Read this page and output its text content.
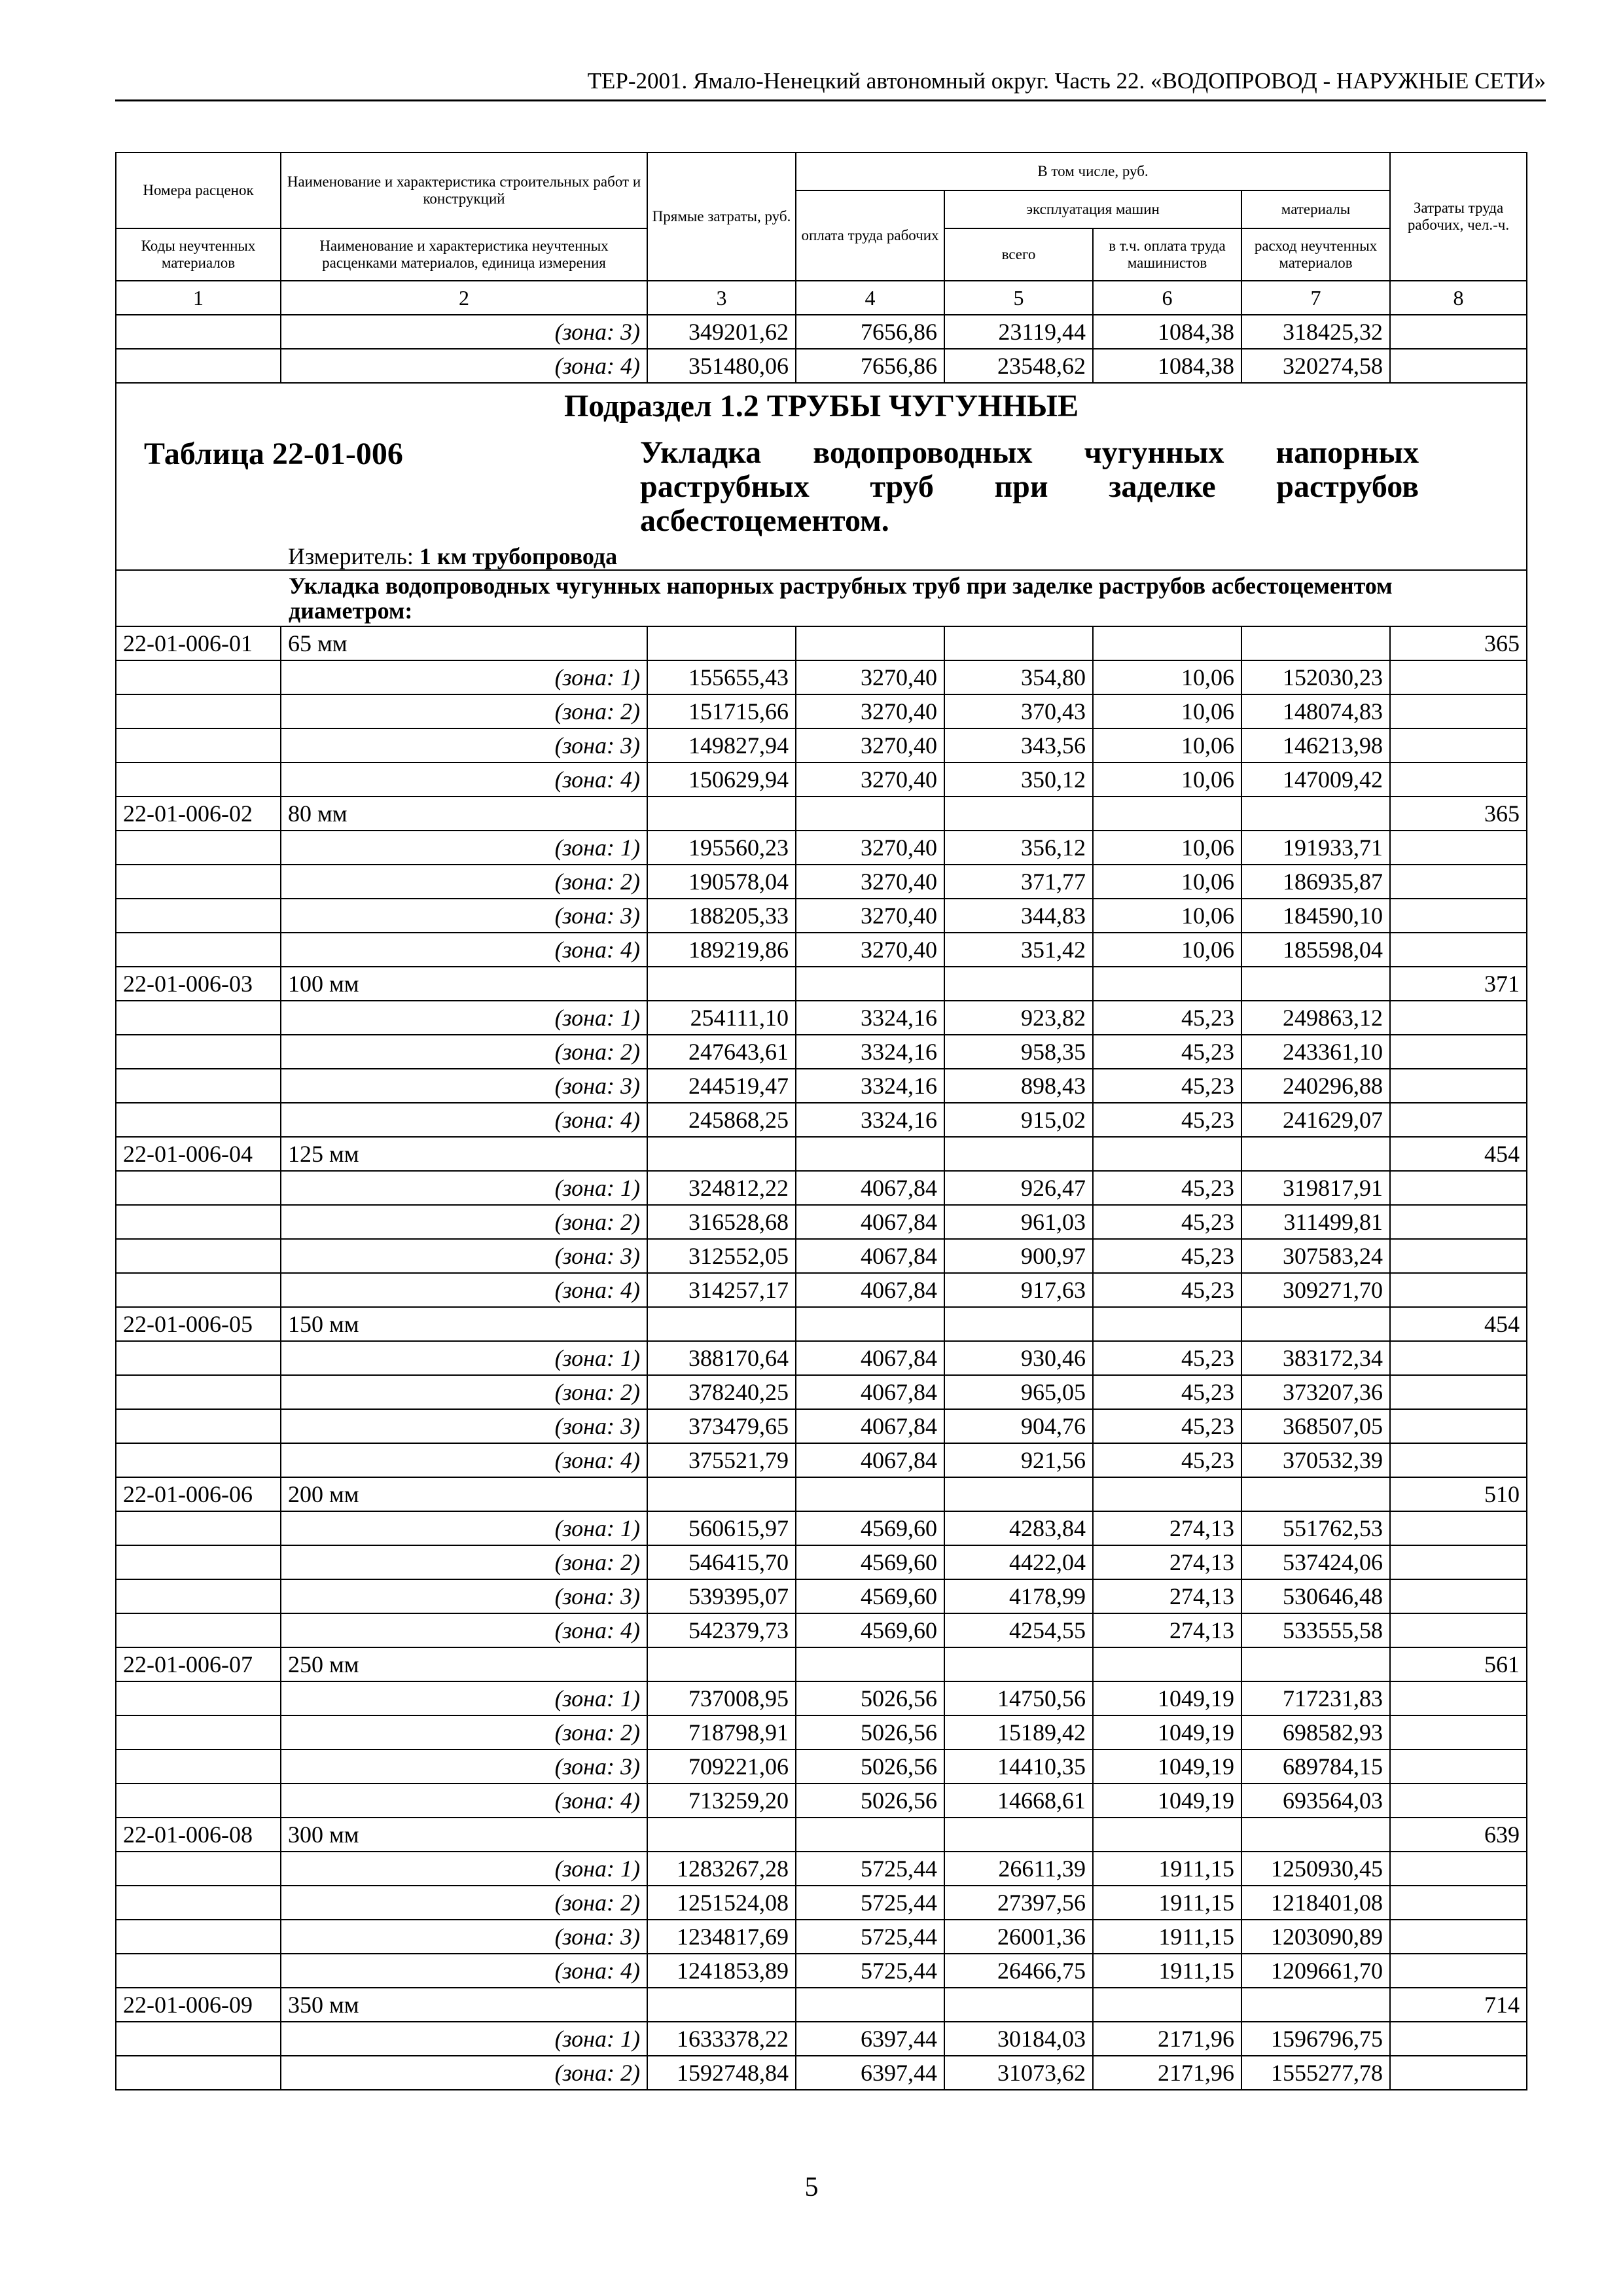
ТЕР-2001. Ямало-Ненецкий автономный округ. Часть 22. «ВОДОПРОВОД - НАРУЖНЫЕ СЕТИ»
Номера расценок	Наименование и характеристика строительных работ и конструкций	Прямые затраты, руб.	В том числе, руб.				Затраты труда рабочих, чел.-ч.
			оплата труда рабочих	эксплуатация машин		материалы	
Коды неучтенных материалов	Наименование и характеристика неучтенных расценками материалов, единица измерения			всего	в т.ч. оплата труда машинистов	расход неучтенных материалов	
1	2	3	4	5	6	7	8
	(зона: 3)	349201,62	7656,86	23119,44	1084,38	318425,32	
	(зона: 4)	351480,06	7656,86	23548,62	1084,38	320274,58	
Подраздел 1.2 ТРУБЫ ЧУГУННЫЕ							

Таблица 22-01-006 Укладка водопроводных чугунных напорных раструбных труб при заделке раструбов асбестоцементом.							

Измеритель: 1 км трубопровода							
	Укладка водопроводных чугунных напорных раструбных труб при заделке раструбов асбестоцементом диаметром:						
22-01-006-01	65 мм						365
	(зона: 1)	155655,43	3270,40	354,80	10,06	152030,23	
	(зона: 2)	151715,66	3270,40	370,43	10,06	148074,83	
	(зона: 3)	149827,94	3270,40	343,56	10,06	146213,98	
	(зона: 4)	150629,94	3270,40	350,12	10,06	147009,42	
22-01-006-02	80 мм						365
	(зона: 1)	195560,23	3270,40	356,12	10,06	191933,71	
	(зона: 2)	190578,04	3270,40	371,77	10,06	186935,87	
	(зона: 3)	188205,33	3270,40	344,83	10,06	184590,10	
	(зона: 4)	189219,86	3270,40	351,42	10,06	185598,04	
22-01-006-03	100 мм						371
	(зона: 1)	254111,10	3324,16	923,82	45,23	249863,12	
	(зона: 2)	247643,61	3324,16	958,35	45,23	243361,10	
	(зона: 3)	244519,47	3324,16	898,43	45,23	240296,88	
	(зона: 4)	245868,25	3324,16	915,02	45,23	241629,07	
22-01-006-04	125 мм						454
	(зона: 1)	324812,22	4067,84	926,47	45,23	319817,91	
	(зона: 2)	316528,68	4067,84	961,03	45,23	311499,81	
	(зона: 3)	312552,05	4067,84	900,97	45,23	307583,24	
	(зона: 4)	314257,17	4067,84	917,63	45,23	309271,70	
22-01-006-05	150 мм						454
	(зона: 1)	388170,64	4067,84	930,46	45,23	383172,34	
	(зона: 2)	378240,25	4067,84	965,05	45,23	373207,36	
	(зона: 3)	373479,65	4067,84	904,76	45,23	368507,05	
	(зона: 4)	375521,79	4067,84	921,56	45,23	370532,39	
22-01-006-06	200 мм						510
	(зона: 1)	560615,97	4569,60	4283,84	274,13	551762,53	
	(зона: 2)	546415,70	4569,60	4422,04	274,13	537424,06	
	(зона: 3)	539395,07	4569,60	4178,99	274,13	530646,48	
	(зона: 4)	542379,73	4569,60	4254,55	274,13	533555,58	
22-01-006-07	250 мм						561
	(зона: 1)	737008,95	5026,56	14750,56	1049,19	717231,83	
	(зона: 2)	718798,91	5026,56	15189,42	1049,19	698582,93	
	(зона: 3)	709221,06	5026,56	14410,35	1049,19	689784,15	
	(зона: 4)	713259,20	5026,56	14668,61	1049,19	693564,03	
22-01-006-08	300 мм						639
	(зона: 1)	1283267,28	5725,44	26611,39	1911,15	1250930,45	
	(зона: 2)	1251524,08	5725,44	27397,56	1911,15	1218401,08	
	(зона: 3)	1234817,69	5725,44	26001,36	1911,15	1203090,89	
	(зона: 4)	1241853,89	5725,44	26466,75	1911,15	1209661,70	
22-01-006-09	350 мм						714
	(зона: 1)	1633378,22	6397,44	30184,03	2171,96	1596796,75	
	(зона: 2)	1592748,84	6397,44	31073,62	2171,96	1555277,78	
5
